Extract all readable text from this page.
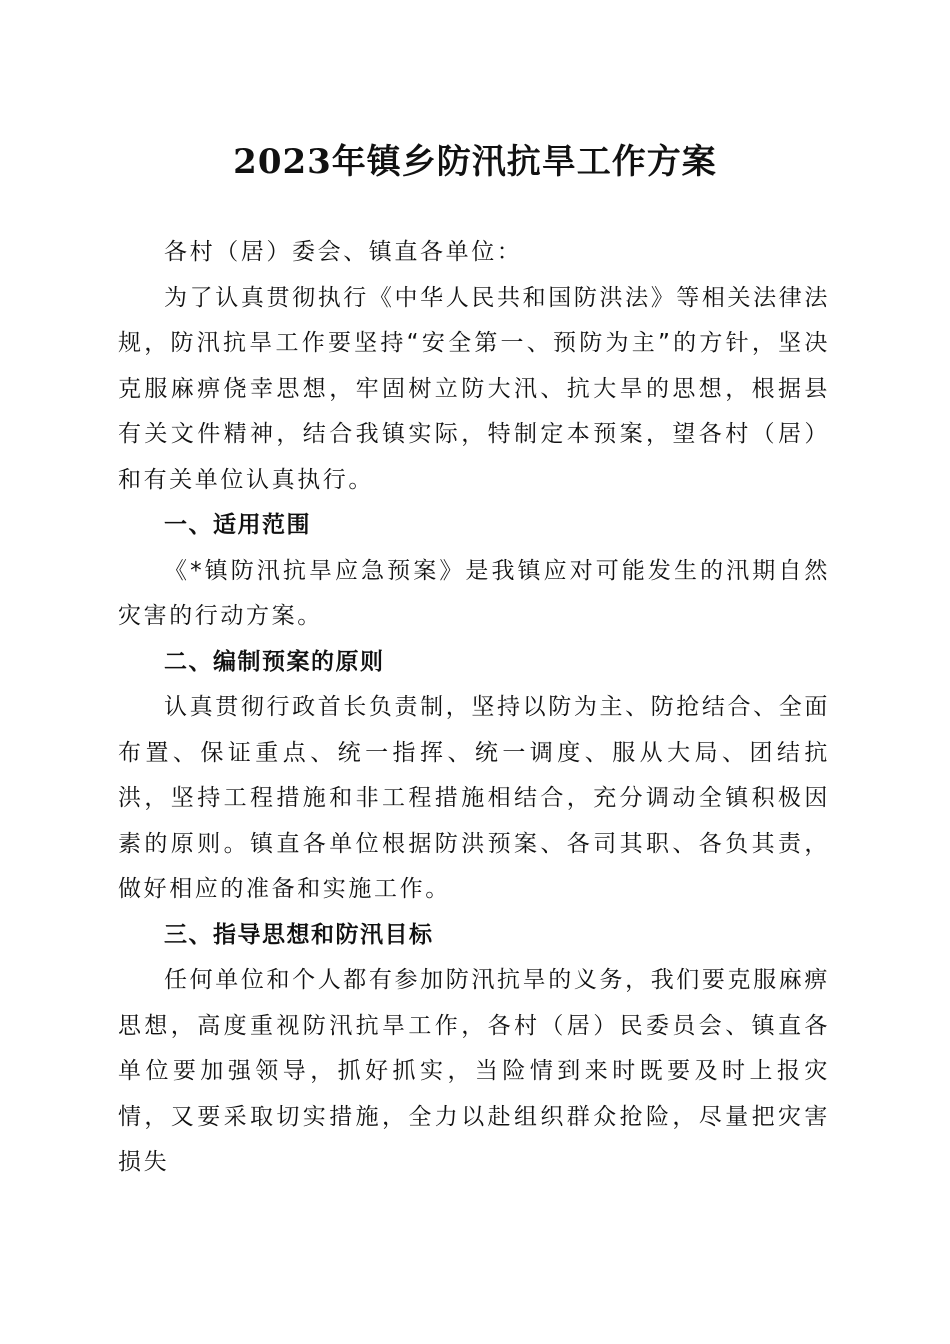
2023年镇乡防汛抗旱工作方案

各村（居）委会、镇直各单位：

为了认真贯彻执行《中华人民共和国防洪法》等相关法律法规，防汛抗旱工作要坚持“安全第一、预防为主”的方针，坚决克服麻痹侥幸思想，牢固树立防大汛、抗大旱的思想，根据县有关文件精神，结合我镇实际，特制定本预案，望各村（居）和有关单位认真执行。

一、适用范围

《*镇防汛抗旱应急预案》是我镇应对可能发生的汛期自然灾害的行动方案。

二、编制预案的原则

认真贯彻行政首长负责制，坚持以防为主、防抢结合、全面布置、保证重点、统一指挥、统一调度、服从大局、团结抗洪，坚持工程措施和非工程措施相结合，充分调动全镇积极因素的原则。镇直各单位根据防洪预案、各司其职、各负其责，做好相应的准备和实施工作。

三、指导思想和防汛目标

任何单位和个人都有参加防汛抗旱的义务，我们要克服麻痹思想，高度重视防汛抗旱工作，各村（居）民委员会、镇直各单位要加强领导，抓好抓实，当险情到来时既要及时上报灾情，又要采取切实措施，全力以赴组织群众抢险，尽量把灾害损失
